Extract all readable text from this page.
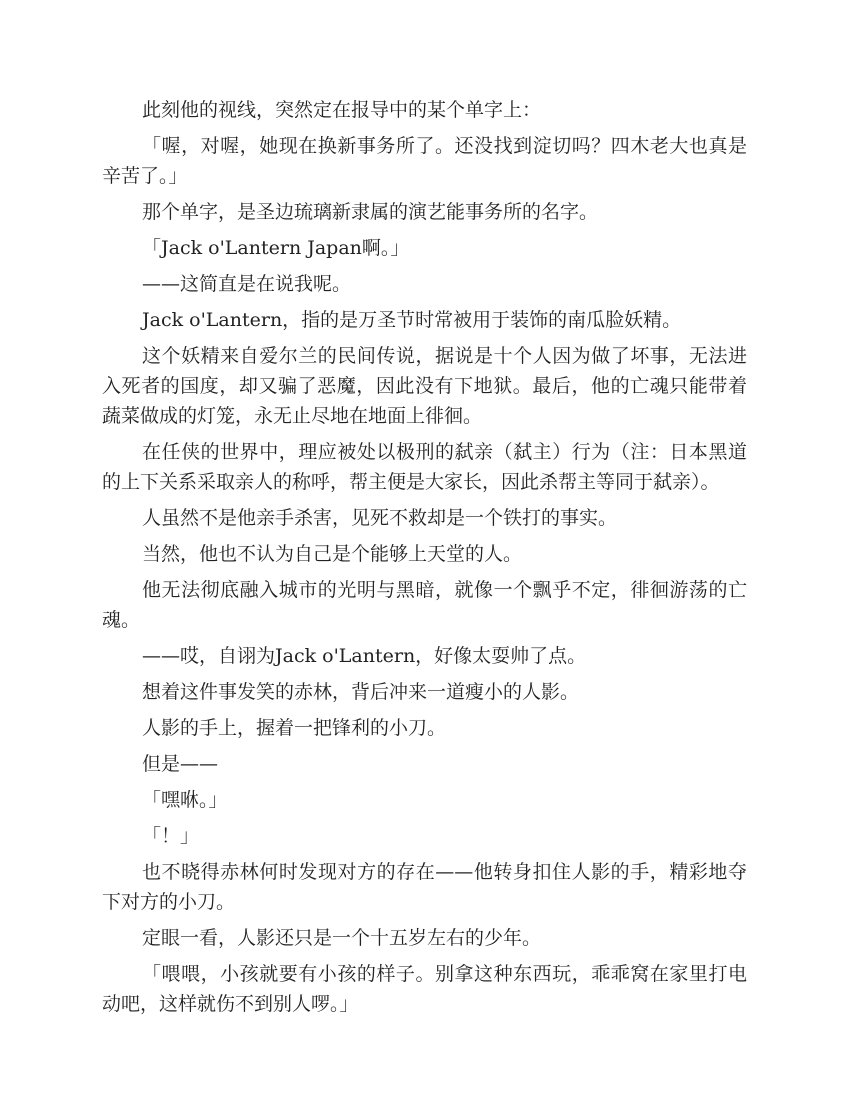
此刻他的视线，突然定在报导中的某个单字上：

「喔，对喔，她现在换新事务所了。还没找到淀切吗？四木老大也真是辛苦了。」

那个单字，是圣边琉璃新隶属的演艺能事务所的名字。

「Jack o'Lantern Japan啊。」

——这简直是在说我呢。

Jack o'Lantern，指的是万圣节时常被用于装饰的南瓜脸妖精。

这个妖精来自爱尔兰的民间传说，据说是十个人因为做了坏事，无法进入死者的国度，却又骗了恶魔，因此没有下地狱。最后，他的亡魂只能带着蔬菜做成的灯笼，永无止尽地在地面上徘徊。

在任侠的世界中，理应被处以极刑的弑亲（弑主）行为（注：日本黑道的上下关系采取亲人的称呼，帮主便是大家长，因此杀帮主等同于弑亲）。

人虽然不是他亲手杀害，见死不救却是一个铁打的事实。

当然，他也不认为自己是个能够上天堂的人。

他无法彻底融入城市的光明与黑暗，就像一个飘乎不定，徘徊游荡的亡魂。

——哎，自诩为Jack o'Lantern，好像太耍帅了点。

想着这件事发笑的赤林，背后冲来一道瘦小的人影。

人影的手上，握着一把锋利的小刀。

但是——

「嘿咻。」

「！」

也不晓得赤林何时发现对方的存在——他转身扣住人影的手，精彩地夺下对方的小刀。

定眼一看，人影还只是一个十五岁左右的少年。

「喂喂，小孩就要有小孩的样子。别拿这种东西玩，乖乖窝在家里打电动吧，这样就伤不到别人啰。」
